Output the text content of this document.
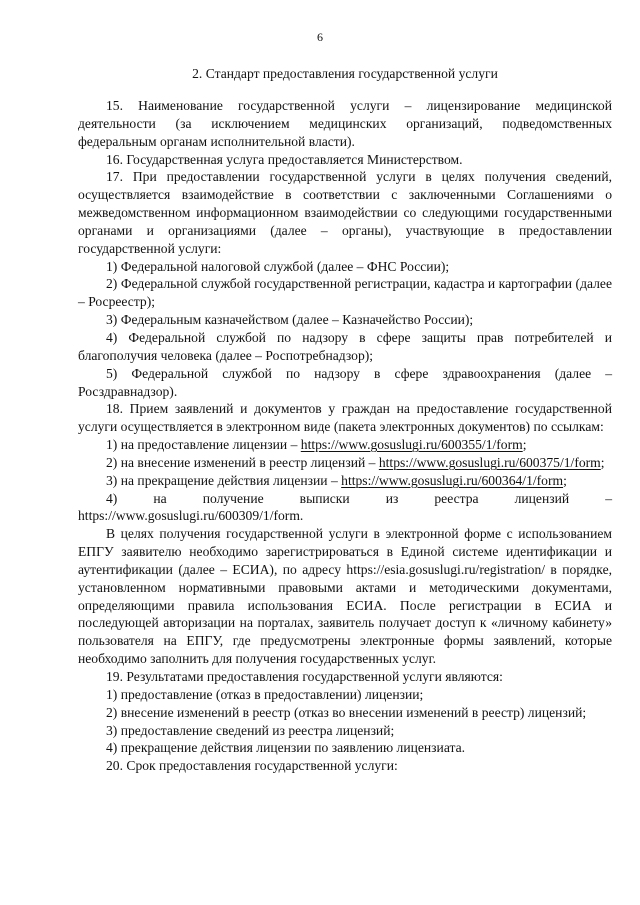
6
2. Стандарт предоставления государственной услуги

15. Наименование государственной услуги – лицензирование медицинской деятельности (за исключением медицинских организаций, подведомственных федеральным органам исполнительной власти).

16. Государственная услуга предоставляется Министерством.

17. При предоставлении государственной услуги в целях получения сведений, осуществляется взаимодействие в соответствии с заключенными Соглашениями о межведомственном информационном взаимодействии со следующими государственными органами и организациями (далее – органы), участвующие в предоставлении государственной услуги:

1) Федеральной налоговой службой (далее – ФНС России);

2) Федеральной службой государственной регистрации, кадастра и картографии (далее – Росреестр);

3) Федеральным казначейством (далее – Казначейство России);

4) Федеральной службой по надзору в сфере защиты прав потребителей и благополучия человека (далее – Роспотребнадзор);

5) Федеральной службой по надзору в сфере здравоохранения (далее – Росздравнадзор).

18. Прием заявлений и документов у граждан на предоставление государственной услуги осуществляется в электронном виде (пакета электронных документов) по ссылкам:

1) на предоставление лицензии – https://www.gosuslugi.ru/600355/1/form;

2) на внесение изменений в реестр лицензий – https://www.gosuslugi.ru/600375/1/form;

3) на прекращение действия лицензии – https://www.gosuslugi.ru/600364/1/form;

4) на получение выписки из реестра лицензий – https://www.gosuslugi.ru/600309/1/form.

В целях получения государственной услуги в электронной форме с использованием ЕПГУ заявителю необходимо зарегистрироваться в Единой системе идентификации и аутентификации (далее – ЕСИА), по адресу https://esia.gosuslugi.ru/registration/ в порядке, установленном нормативными правовыми актами и методическими документами, определяющими правила использования ЕСИА. После регистрации в ЕСИА и последующей авторизации на порталах, заявитель получает доступ к «личному кабинету» пользователя на ЕПГУ, где предусмотрены электронные формы заявлений, которые необходимо заполнить для получения государственных услуг.

19. Результатами предоставления государственной услуги являются:

1) предоставление (отказ в предоставлении) лицензии;

2) внесение изменений в реестр (отказ во внесении изменений в реестр) лицензий;

3) предоставление сведений из реестра лицензий;

4) прекращение действия лицензии по заявлению лицензиата.

20. Срок предоставления государственной услуги:
